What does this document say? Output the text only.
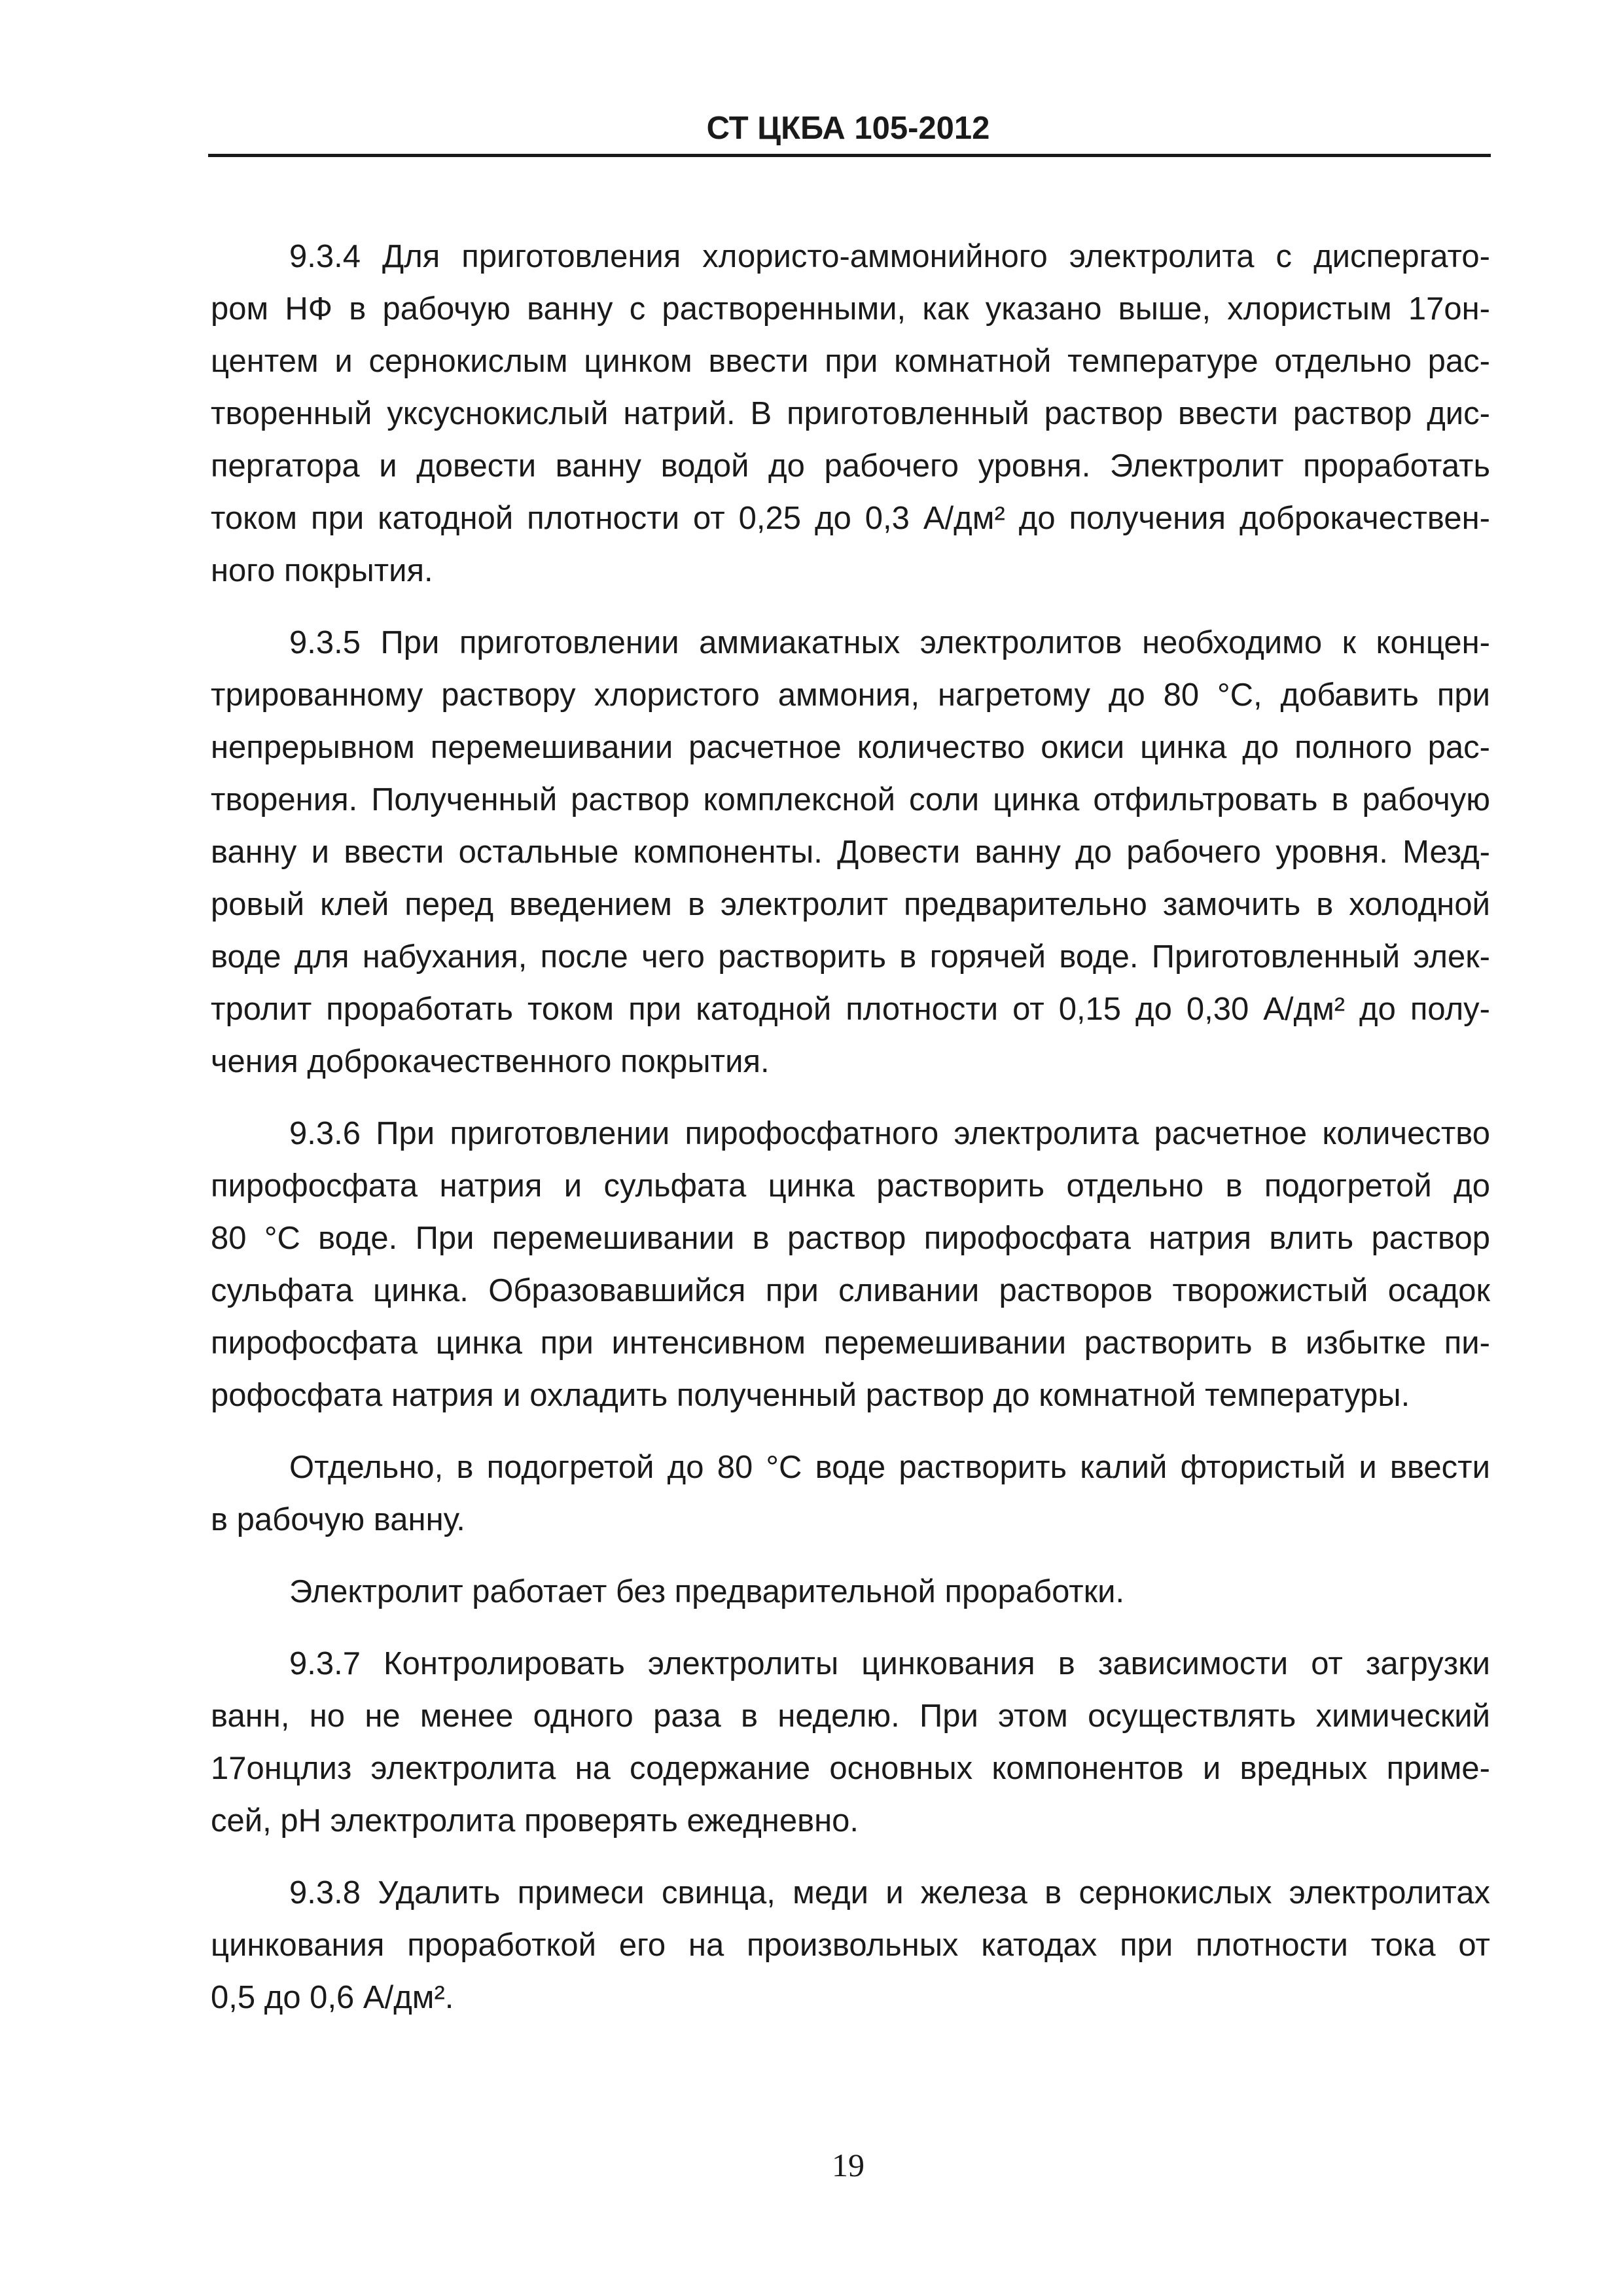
СТ ЦКБА 105-2012
9.3.4 Для приготовления хлористо-аммонийного электролита с диспергато-
ром НФ в рабочую ванну с растворенными, как указано выше, хлористым 17он-
центем и сернокислым цинком ввести при комнатной температуре отдельно рас-
творенный уксуснокислый натрий. В приготовленный раствор ввести раствор дис-
пергатора и довести ванну водой до рабочего уровня. Электролит проработать
током при катодной плотности от 0,25 до 0,3 А/дм² до получения доброкачествен-
ного покрытия.
9.3.5 При приготовлении аммиакатных электролитов необходимо к концен-
трированному раствору хлористого аммония, нагретому до 80 °С, добавить при
непрерывном перемешивании расчетное количество окиси цинка до полного рас-
творения. Полученный раствор комплексной соли цинка отфильтровать в рабочую
ванну и ввести остальные компоненты. Довести ванну до рабочего уровня. Мезд-
ровый клей перед введением в электролит предварительно замочить в холодной
воде для набухания, после чего растворить в горячей воде. Приготовленный элек-
тролит проработать током при катодной плотности от 0,15 до 0,30 А/дм² до полу-
чения доброкачественного покрытия.
9.3.6 При приготовлении пирофосфатного электролита расчетное количество
пирофосфата натрия и сульфата цинка растворить отдельно в подогретой до
80 °С воде. При перемешивании в раствор пирофосфата натрия влить раствор
сульфата цинка. Образовавшийся при сливании растворов творожистый осадок
пирофосфата цинка при интенсивном перемешивании растворить в избытке пи-
рофосфата натрия и охладить полученный раствор до комнатной температуры.
Отдельно, в подогретой до 80 °С воде растворить калий фтористый и ввести
в рабочую ванну.
Электролит работает без предварительной проработки.
9.3.7 Контролировать электролиты цинкования в зависимости от загрузки
ванн, но не менее одного раза в неделю. При этом осуществлять химический
17онцлиз электролита на содержание основных компонентов и вредных приме-
сей, рН электролита проверять ежедневно.
9.3.8 Удалить примеси свинца, меди и железа в сернокислых электролитах
цинкования проработкой его на произвольных катодах при плотности тока от
0,5 до 0,6 А/дм².
19
